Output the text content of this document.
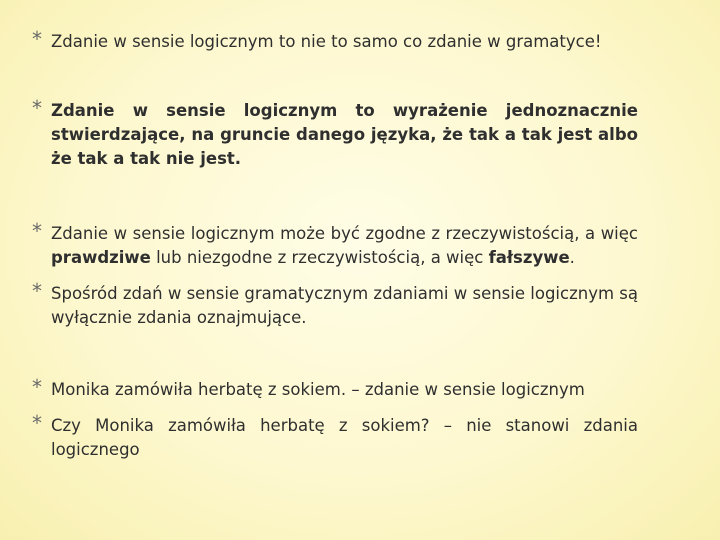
* Zdanie w sensie logicznym to nie to samo co zdanie w gramatyce!
* Zdanie w sensie logicznym to wyrażenie jednoznacznie stwierdzające, na gruncie danego języka, że tak a tak jest albo że tak a tak nie jest.
* Zdanie w sensie logicznym może być zgodne z rzeczywistością, a więc prawdziwe lub niezgodne z rzeczywistością, a więc fałszywe.
* Spośród zdań w sensie gramatycznym zdaniami w sensie logicznym są wyłącznie zdania oznajmujące.
* Monika zamówiła herbatę z sokiem. – zdanie w sensie logicznym
* Czy Monika zamówiła herbatę z sokiem? – nie stanowi zdania logicznego
